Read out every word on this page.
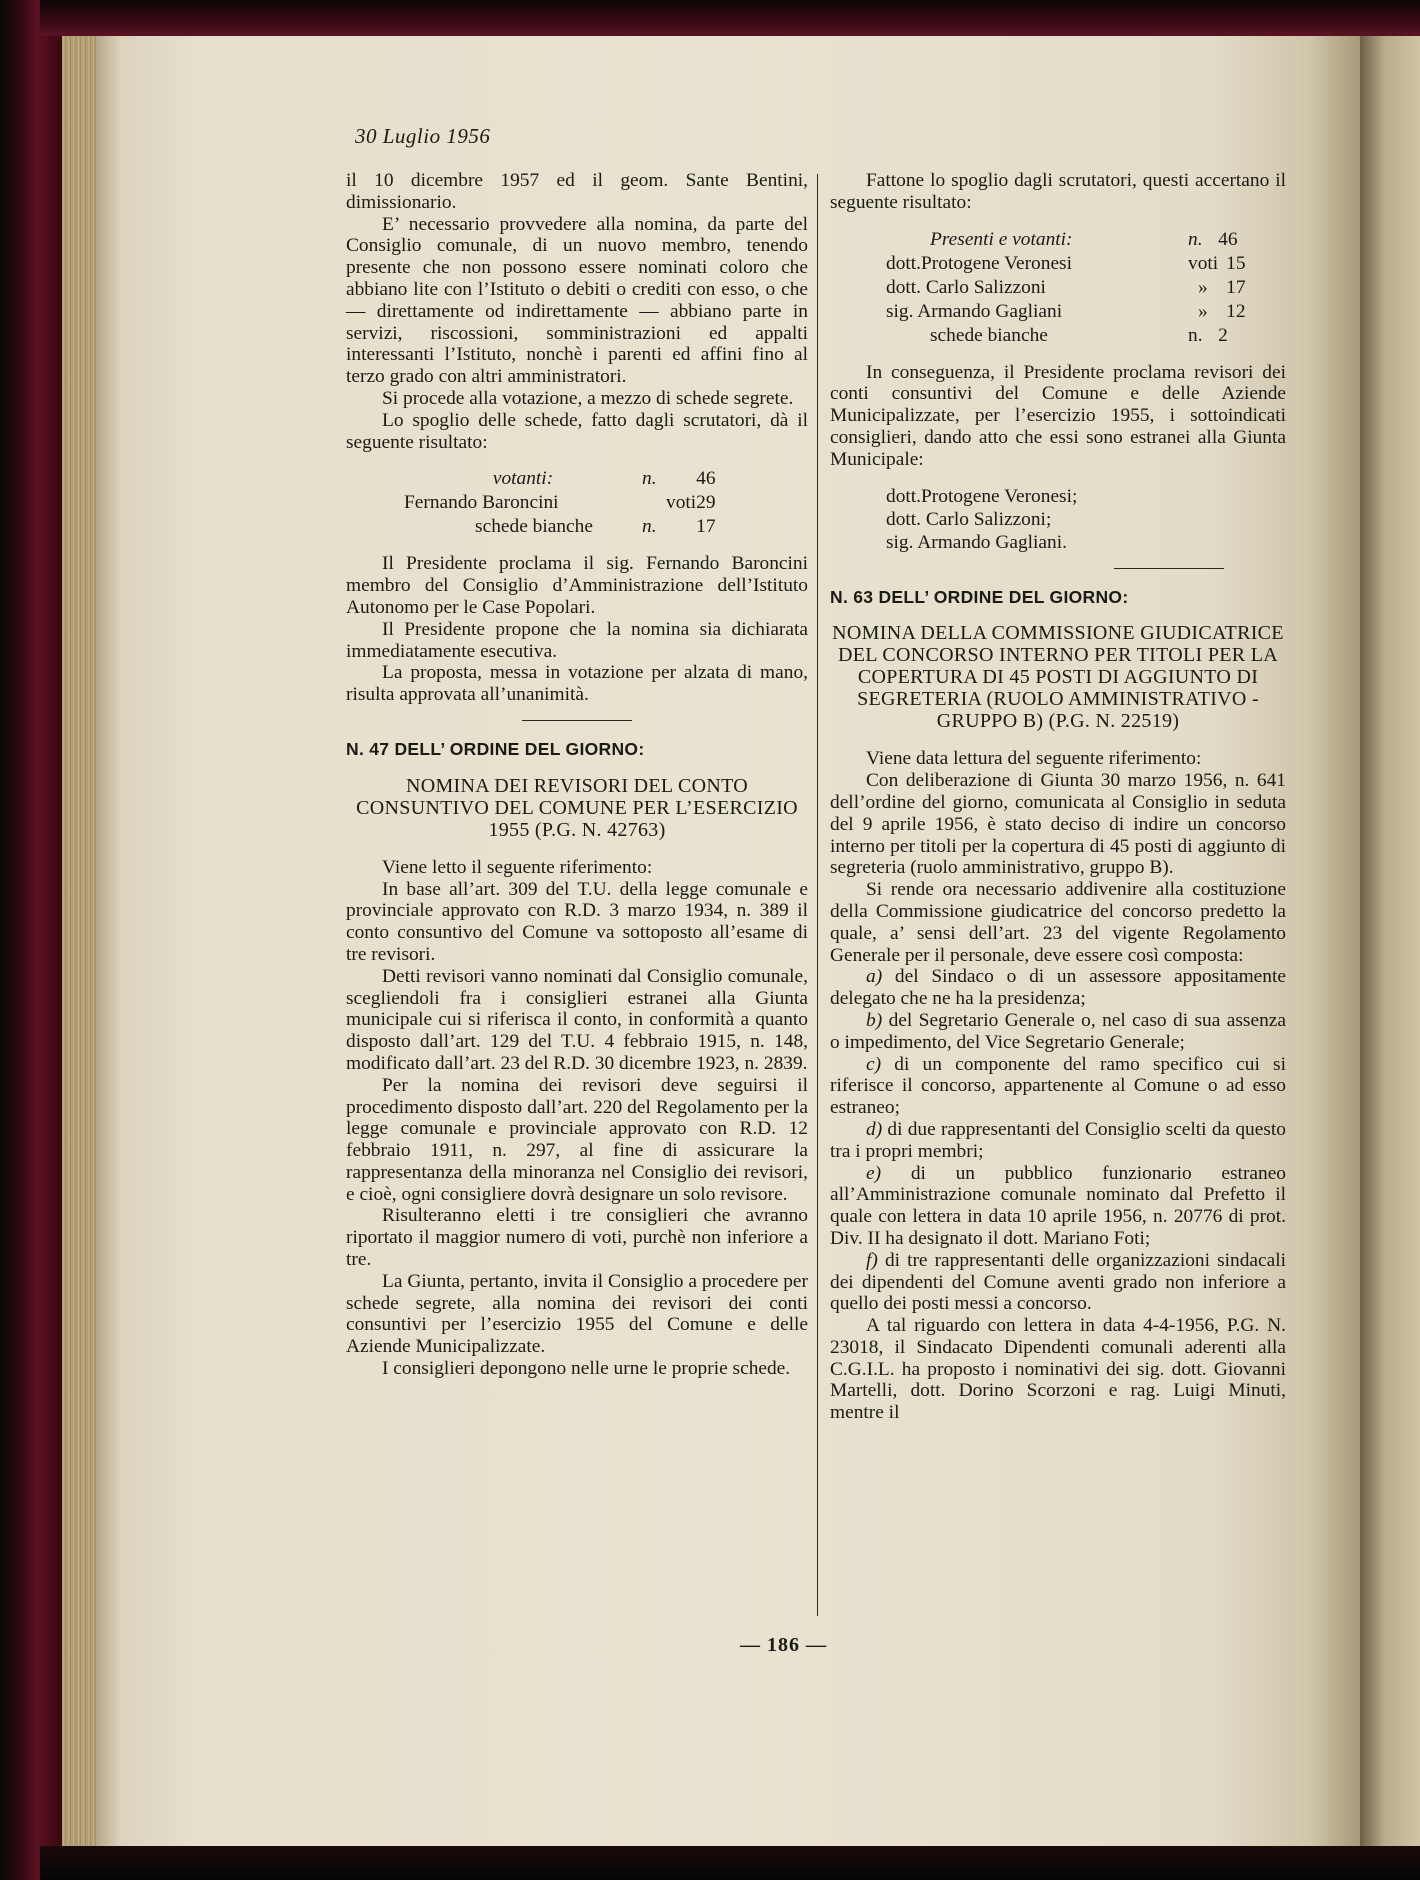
30 Luglio 1956

il 10 dicembre 1957 ed il geom. Sante Bentini, dimissionario.

E’ necessario provvedere alla nomina, da parte del Consiglio comunale, di un nuovo membro, tenendo presente che non possono essere nominati coloro che abbiano lite con l’Istituto o debiti o crediti con esso, o che — direttamente od indirettamente — abbiano parte in servizi, riscossioni, somministrazioni ed appalti interessanti l’Istituto, nonchè i parenti ed affini fino al terzo grado con altri amministratori.

Si procede alla votazione, a mezzo di schede segrete.

Lo spoglio delle schede, fatto dagli scrutatori, dà il seguente risultato:

votanti:	n.	46
Fernando Baroncini	voti	29
schede bianche	n.	17

Il Presidente proclama il sig. Fernando Baroncini membro del Consiglio d’Amministrazione dell’Istituto Autonomo per le Case Popolari.

Il Presidente propone che la nomina sia dichiarata immediatamente esecutiva.

La proposta, messa in votazione per alzata di mano, risulta approvata all’unanimità.

N. 47 DELL’ ORDINE DEL GIORNO:
NOMINA DEI REVISORI DEL CONTO CONSUNTIVO DEL COMUNE PER L’ESERCIZIO 1955 (P.G. N. 42763)

Viene letto il seguente riferimento:

In base all’art. 309 del T.U. della legge comunale e provinciale approvato con R.D. 3 marzo 1934, n. 389 il conto consuntivo del Comune va sottoposto all’esame di tre revisori.

Detti revisori vanno nominati dal Consiglio comunale, scegliendoli fra i consiglieri estranei alla Giunta municipale cui si riferisca il conto, in conformità a quanto disposto dall’art. 129 del T.U. 4 febbraio 1915, n. 148, modificato dall’art. 23 del R.D. 30 dicembre 1923, n. 2839.

Per la nomina dei revisori deve seguirsi il procedimento disposto dall’art. 220 del Regolamento per la legge comunale e provinciale approvato con R.D. 12 febbraio 1911, n. 297, al fine di assicurare la rappresentanza della minoranza nel Consiglio dei revisori, e cioè, ogni consigliere dovrà designare un solo revisore.

Risulteranno eletti i tre consiglieri che avranno riportato il maggior numero di voti, purchè non inferiore a tre.

La Giunta, pertanto, invita il Consiglio a procedere per schede segrete, alla nomina dei revisori dei conti consuntivi per l’esercizio 1955 del Comune e delle Aziende Municipalizzate.

I consiglieri depongono nelle urne le proprie schede.

Fattone lo spoglio dagli scrutatori, questi accertano il seguente risultato:

Presenti e votanti:	n.	46
dott.Protogene Veronesi	voti	15
dott. Carlo Salizzoni	»	17
sig. Armando Gagliani	»	12
schede bianche	n.	2

In conseguenza, il Presidente proclama revisori dei conti consuntivi del Comune e delle Aziende Municipalizzate, per l’esercizio 1955, i sottoindicati consiglieri, dando atto che essi sono estranei alla Giunta Municipale:

dott.Protogene Veronesi;
dott. Carlo Salizzoni;
sig. Armando Gagliani.
N. 63 DELL’ ORDINE DEL GIORNO:
NOMINA DELLA COMMISSIONE GIUDICATRICE DEL CONCORSO INTERNO PER TITOLI PER LA COPERTURA DI 45 POSTI DI AGGIUNTO DI SEGRETERIA (RUOLO AMMINISTRATIVO - GRUPPO B) (P.G. N. 22519)

Viene data lettura del seguente riferimento:

Con deliberazione di Giunta 30 marzo 1956, n. 641 dell’ordine del giorno, comunicata al Consiglio in seduta del 9 aprile 1956, è stato deciso di indire un concorso interno per titoli per la copertura di 45 posti di aggiunto di segreteria (ruolo amministrativo, gruppo B).

Si rende ora necessario addivenire alla costituzione della Commissione giudicatrice del concorso predetto la quale, a’ sensi dell’art. 23 del vigente Regolamento Generale per il personale, deve essere così composta:

a) del Sindaco o di un assessore appositamente delegato che ne ha la presidenza;

b) del Segretario Generale o, nel caso di sua assenza o impedimento, del Vice Segretario Generale;

c) di un componente del ramo specifico cui si riferisce il concorso, appartenente al Comune o ad esso estraneo;

d) di due rappresentanti del Consiglio scelti da questo tra i propri membri;

e) di un pubblico funzionario estraneo all’Amministrazione comunale nominato dal Prefetto il quale con lettera in data 10 aprile 1956, n. 20776 di prot. Div. II ha designato il dott. Mariano Foti;

f) di tre rappresentanti delle organizzazioni sindacali dei dipendenti del Comune aventi grado non inferiore a quello dei posti messi a concorso.

A tal riguardo con lettera in data 4-4-1956, P.G. N. 23018, il Sindacato Dipendenti comunali aderenti alla C.G.I.L. ha proposto i nominativi dei sig. dott. Giovanni Martelli, dott. Dorino Scorzoni e rag. Luigi Minuti, mentre il

— 186 —
